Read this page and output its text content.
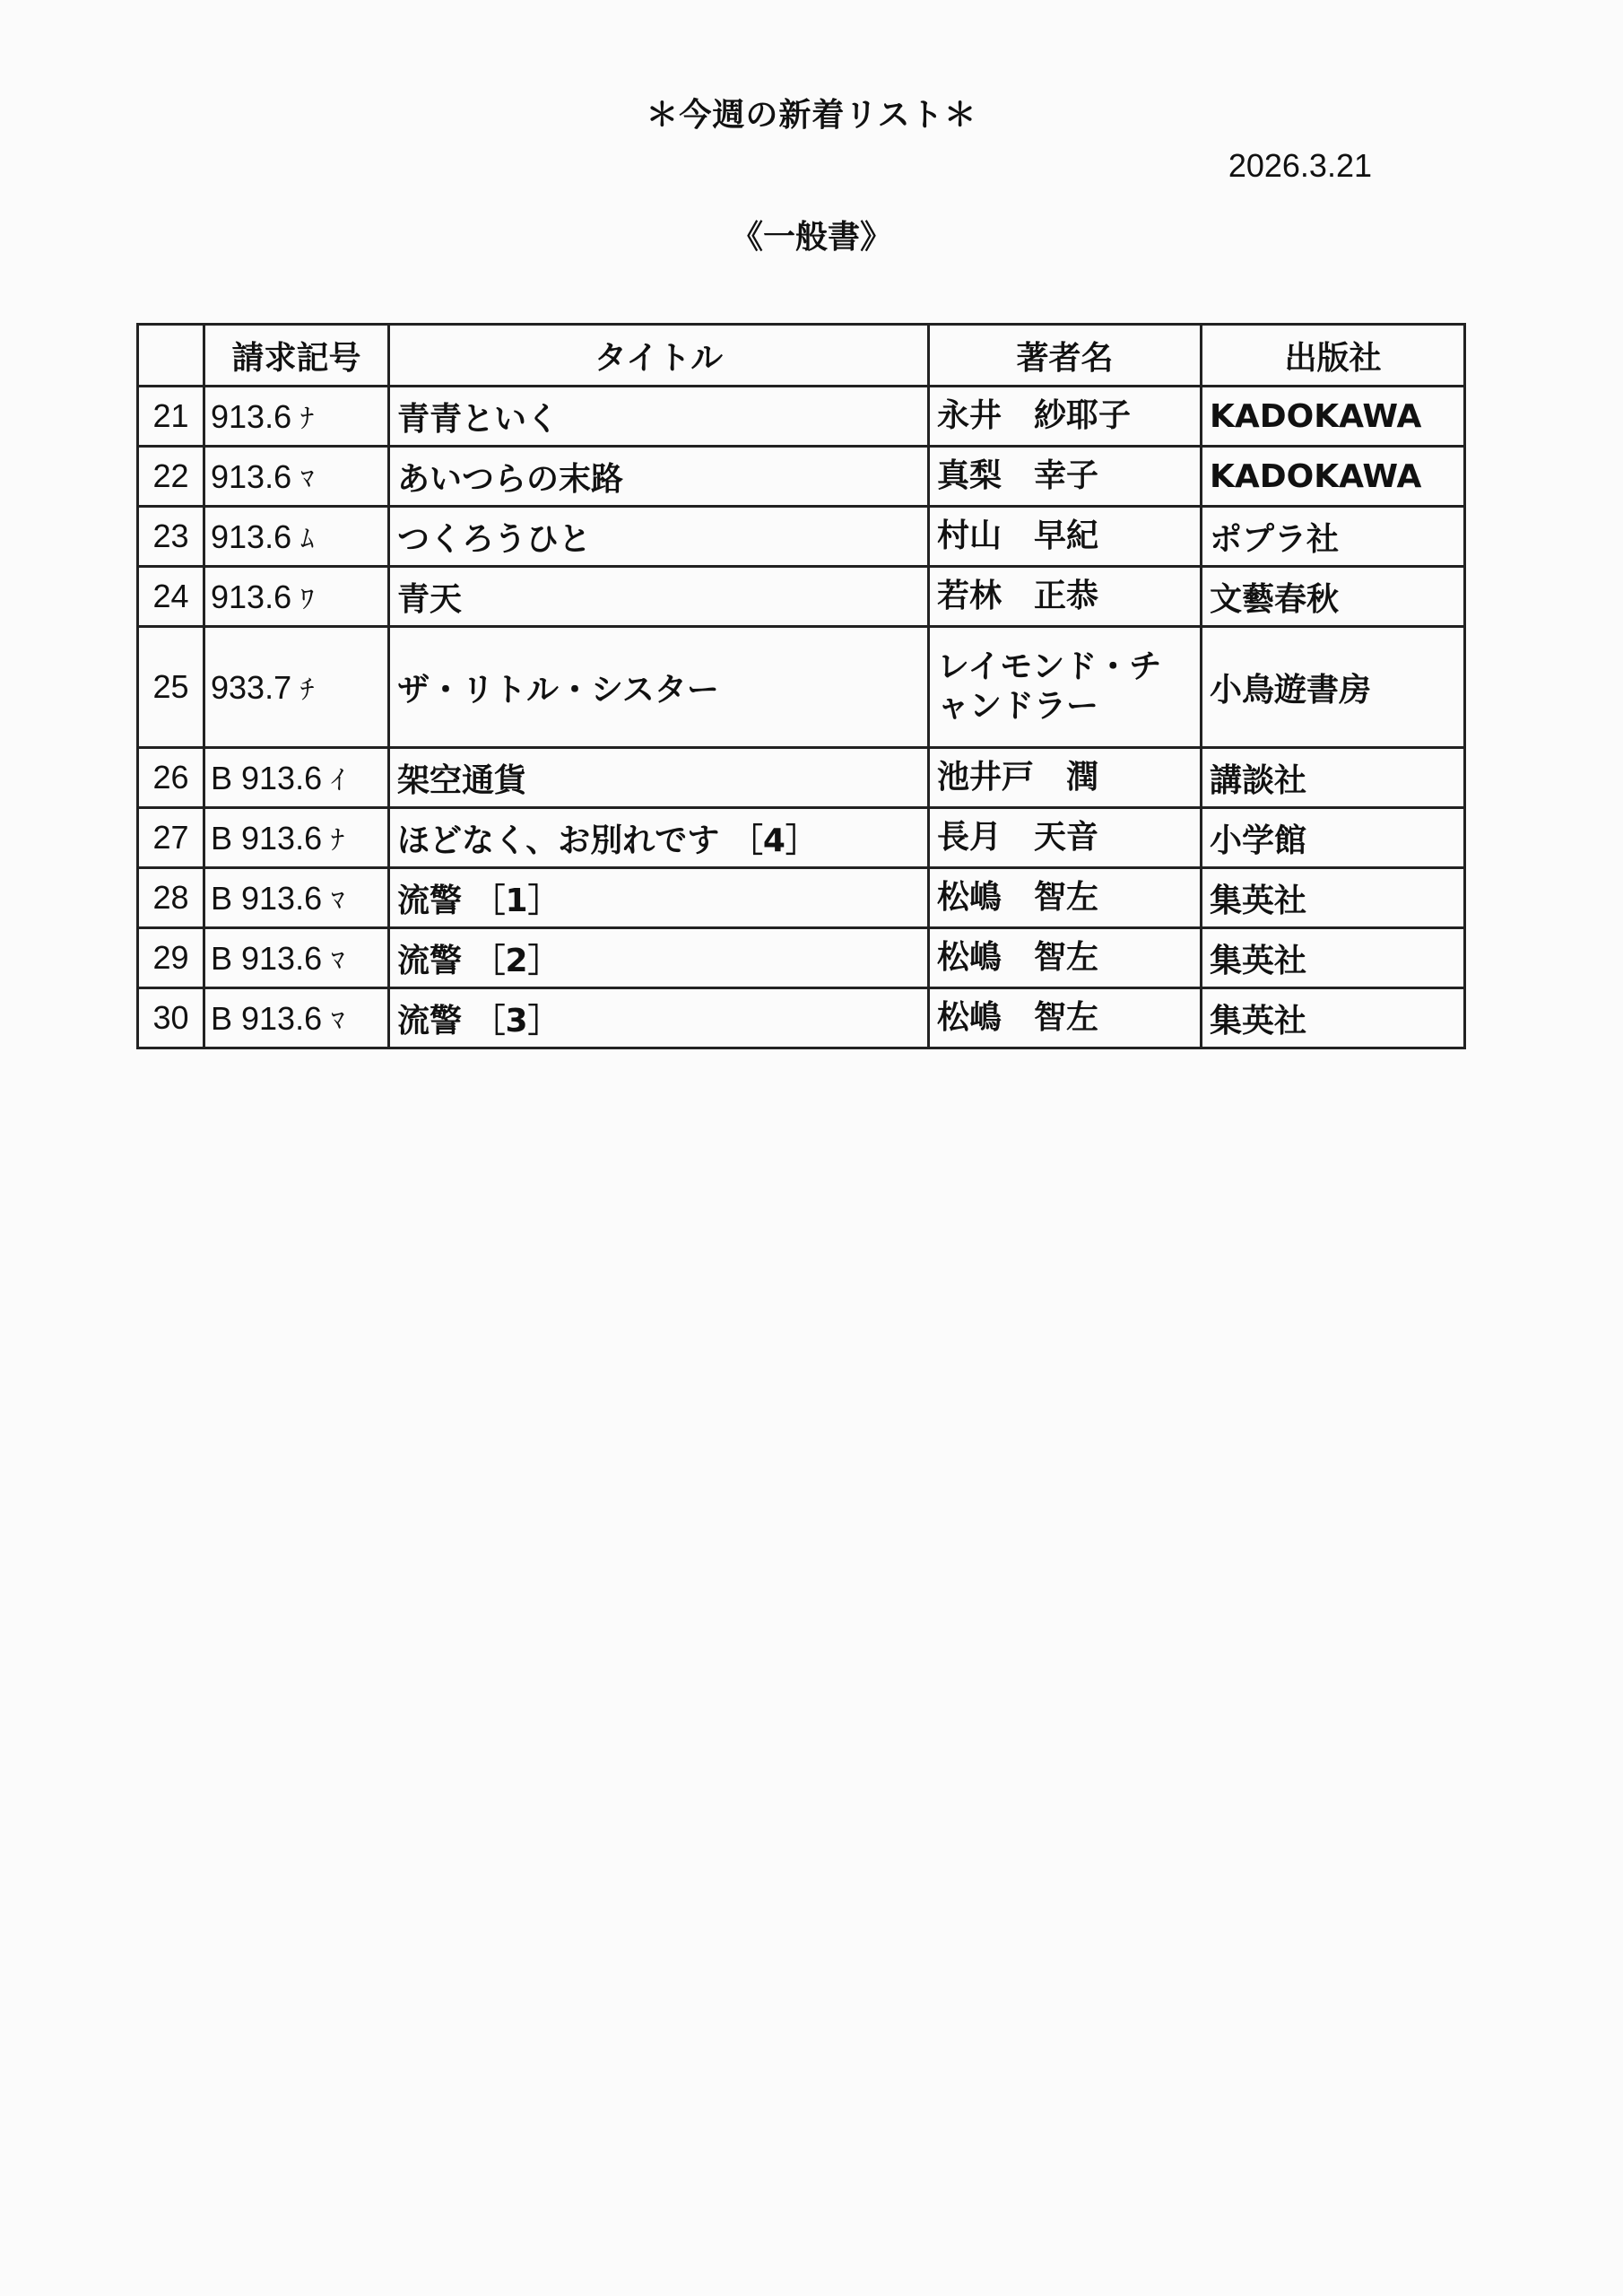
＊今週の新着リスト＊
2026.3.21
《一般書》
	請求記号	タイトル	著者名	出版社
21	913.6 ﾅ	青青といく	永井　紗耶子	KADOKAWA
22	913.6 ﾏ	あいつらの末路	真梨　幸子	KADOKAWA
23	913.6 ﾑ	つくろうひと	村山　早紀	ポプラ社
24	913.6 ﾜ	青天	若林　正恭	文藝春秋
25	933.7 ﾁ	ザ・リトル・シスター	レイモンド・チャンドラー	小鳥遊書房
26	B 913.6 ｲ	架空通貨	池井戸　潤	講談社
27	B 913.6 ﾅ	ほどなく、お別れです ［4］	長月　天音	小学館
28	B 913.6 ﾏ	流警 ［1］	松嶋　智左	集英社
29	B 913.6 ﾏ	流警 ［2］	松嶋　智左	集英社
30	B 913.6 ﾏ	流警 ［3］	松嶋　智左	集英社
